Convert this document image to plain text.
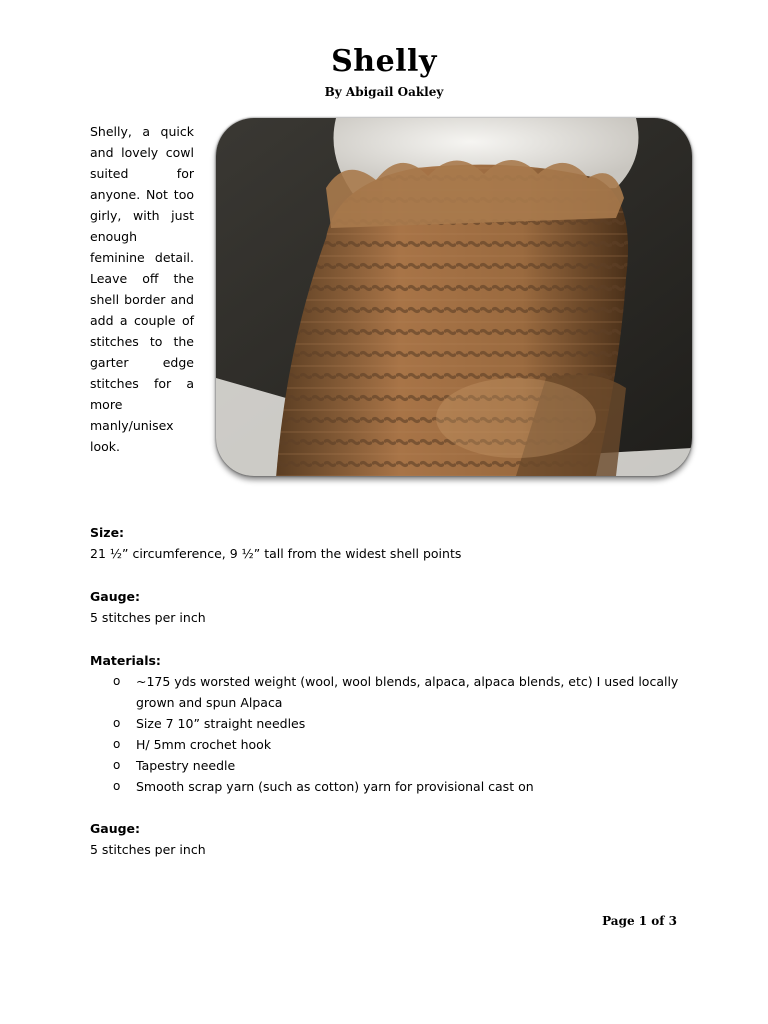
Shelly
By Abigail Oakley
Shelly, a quick and lovely cowl suited for anyone. Not too girly, with just enough feminine detail. Leave off the shell border and add a couple of stitches to the garter edge stitches for a more manly/unisex look.
Size:
21 ½” circumference, 9 ½” tall from the widest shell points
Gauge:
5 stitches per inch
Materials:
o ~175 yds worsted weight (wool, wool blends, alpaca, alpaca blends, etc) I used locally grown and spun Alpaca
o Size 7 10” straight needles
o H/ 5mm crochet hook
o Tapestry needle
o Smooth scrap yarn (such as cotton) yarn for provisional cast on
Gauge:
5 stitches per inch
Page 1 of 3
